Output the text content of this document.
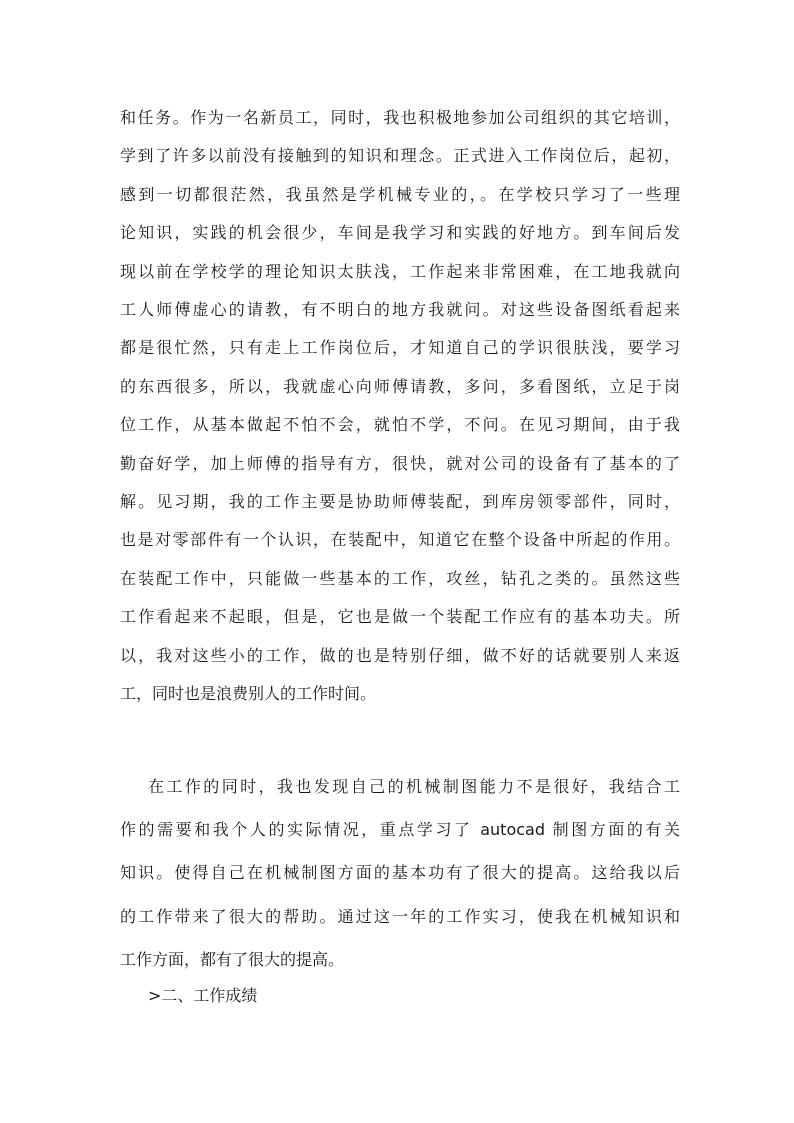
和任务。作为一名新员工，同时，我也积极地参加公司组织的其它培训，
学到了许多以前没有接触到的知识和理念。正式进入工作岗位后，起初，
感到一切都很茫然，我虽然是学机械专业的，。在学校只学习了一些理
论知识，实践的机会很少，车间是我学习和实践的好地方。到车间后发
现以前在学校学的理论知识太肤浅，工作起来非常困难，在工地我就向
工人师傅虚心的请教，有不明白的地方我就问。对这些设备图纸看起来
都是很忙然，只有走上工作岗位后，才知道自己的学识很肤浅，要学习
的东西很多，所以，我就虚心向师傅请教，多问，多看图纸，立足于岗
位工作，从基本做起不怕不会，就怕不学，不问。在见习期间，由于我
勤奋好学，加上师傅的指导有方，很快，就对公司的设备有了基本的了
解。见习期，我的工作主要是协助师傅装配，到库房领零部件，同时，
也是对零部件有一个认识，在装配中，知道它在整个设备中所起的作用。
在装配工作中，只能做一些基本的工作，攻丝，钻孔之类的。虽然这些
工作看起来不起眼，但是，它也是做一个装配工作应有的基本功夫。所
以，我对这些小的工作，做的也是特别仔细，做不好的话就要别人来返
工，同时也是浪费别人的工作时间。
在工作的同时，我也发现自己的机械制图能力不是很好，我结合工
作的需要和我个人的实际情况，重点学习了 autocad 制图方面的有关
知识。使得自己在机械制图方面的基本功有了很大的提高。这给我以后
的工作带来了很大的帮助。通过这一年的工作实习，使我在机械知识和
工作方面，都有了很大的提高。
>二、工作成绩
